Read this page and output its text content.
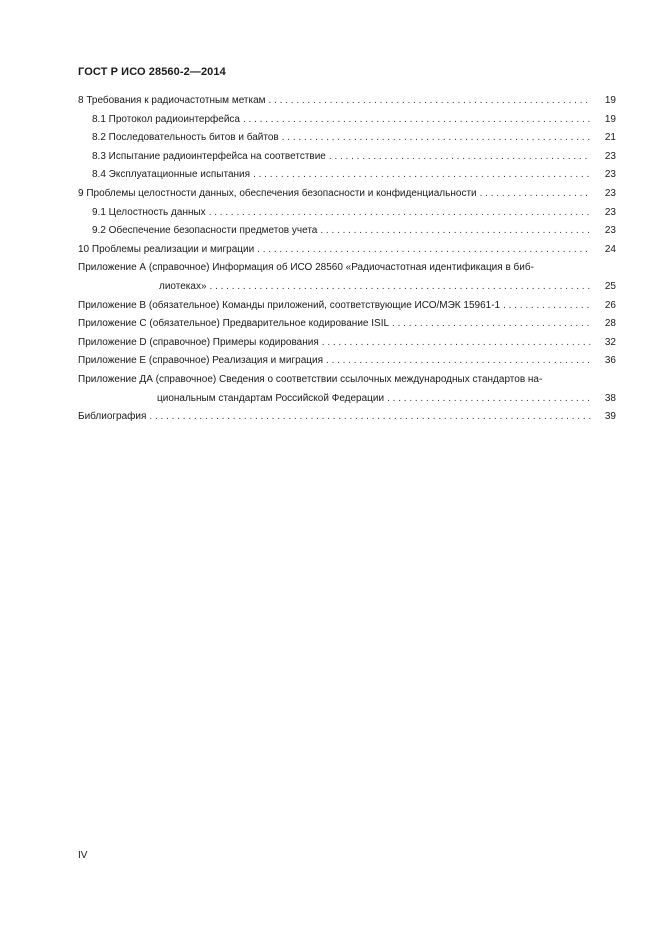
ГОСТ Р ИСО 28560-2—2014
8 Требования к радиочастотным меткам . . .	19
8.1 Протокол радиоинтерфейса . . .	19
8.2 Последовательность битов и байтов . . .	21
8.3 Испытание радиоинтерфейса на соответствие . . .	23
8.4 Эксплуатационные испытания . . .	23
9 Проблемы целостности данных, обеспечения безопасности и конфиденциальности . . .	23
9.1 Целостность данных . . .	23
9.2 Обеспечение безопасности предметов учета . . .	23
10 Проблемы реализации и миграции . . .	24
Приложение А (справочное) Информация об ИСО 28560 «Радиочастотная идентификация в биб-
лиотеках» . . .	25
Приложение В (обязательное) Команды приложений, соответствующие ИСО/МЭК 15961-1 . . .	26
Приложение С (обязательное) Предварительное кодирование ISIL . . .	28
Приложение D (справочное) Примеры кодирования . . .	32
Приложение Е (справочное) Реализация и миграция . . .	36
Приложение ДА (справочное) Сведения о соответствии ссылочных международных стандартов на-
циональным стандартам Российской Федерации . . .	38
Библиография . . .	39
IV
